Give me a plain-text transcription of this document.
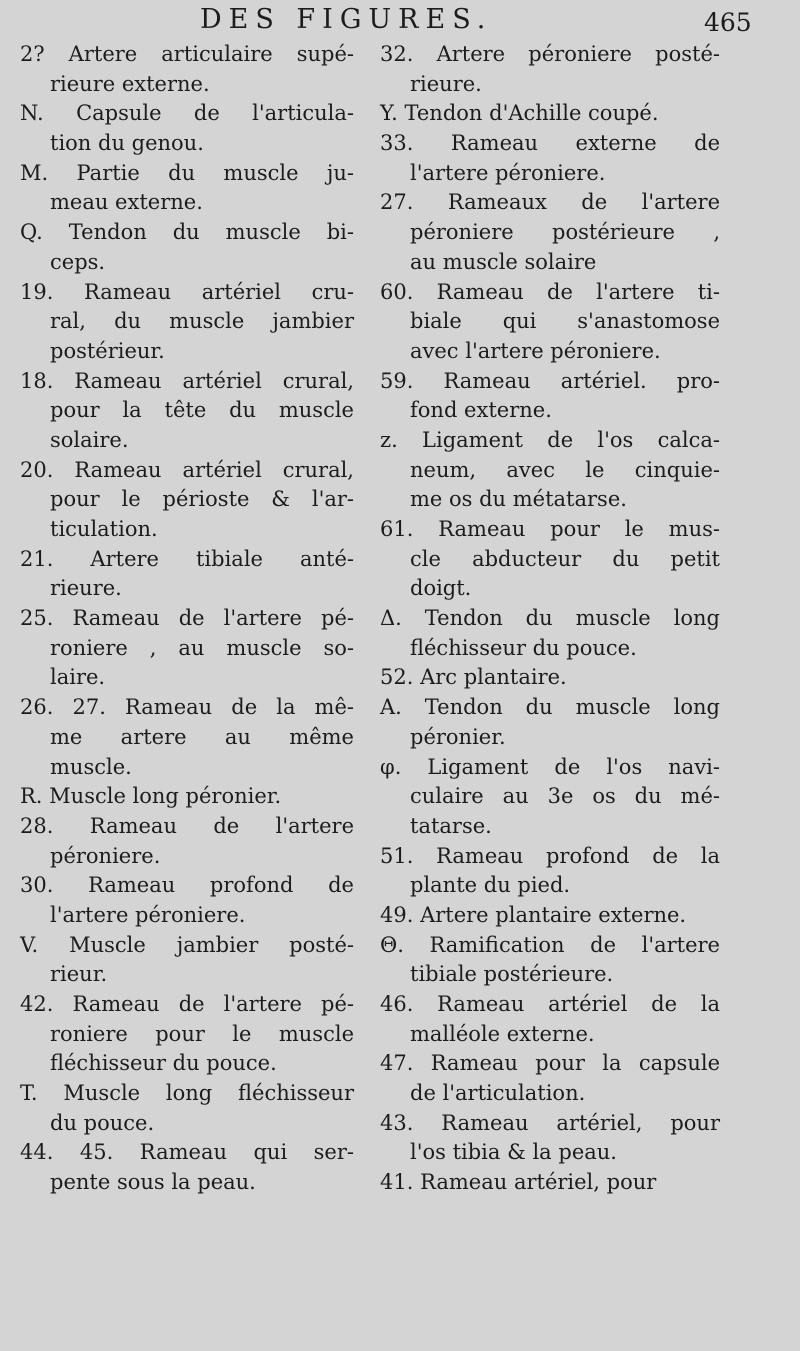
DES FIGURES.	465
2? Artere articulaire supé-
rieure externe.
N. Capsule de l'articula-
tion du genou.
M. Partie du muscle ju-
meau externe.
Q. Tendon du muscle bi-
ceps.
19. Rameau artériel cru-
ral, du muscle jambier
postérieur.
18. Rameau artériel crural,
pour la tête du muscle
solaire.
20. Rameau artériel crural,
pour le périoste & l'ar-
ticulation.
21. Artere tibiale anté-
rieure.
25. Rameau de l'artere pé-
roniere , au muscle so-
laire.
26. 27. Rameau de la mê-
me artere au même
muscle.
R. Muscle long péronier.
28. Rameau de l'artere
péroniere.
30. Rameau profond de
l'artere péroniere.
V. Muscle jambier posté-
rieur.
42. Rameau de l'artere pé-
roniere pour le muscle
fléchisseur du pouce.
T. Muscle long fléchisseur
du pouce.
44. 45. Rameau qui ser-
pente sous la peau.
32. Artere péroniere posté-
rieure.
Y. Tendon d'Achille coupé.
33. Rameau externe de
l'artere péroniere.
27. Rameaux de l'artere
péroniere postérieure ,
au muscle solaire
60. Rameau de l'artere ti-
biale qui s'anastomose
avec l'artere péroniere.
59. Rameau artériel. pro-
fond externe.
z. Ligament de l'os calca-
neum, avec le cinquie-
me os du métatarse.
61. Rameau pour le mus-
cle abducteur du petit
doigt.
Δ. Tendon du muscle long
fléchisseur du pouce.
52. Arc plantaire.
A. Tendon du muscle long
péronier.
φ. Ligament de l'os navi-
culaire au 3e os du mé-
tatarse.
51. Rameau profond de la
plante du pied.
49. Artere plantaire externe.
Θ. Ramification de l'artere
tibiale postérieure.
46. Rameau artériel de la
malléole externe.
47. Rameau pour la capsule
de l'articulation.
43. Rameau artériel, pour
l'os tibia & la peau.
41. Rameau artériel, pour
